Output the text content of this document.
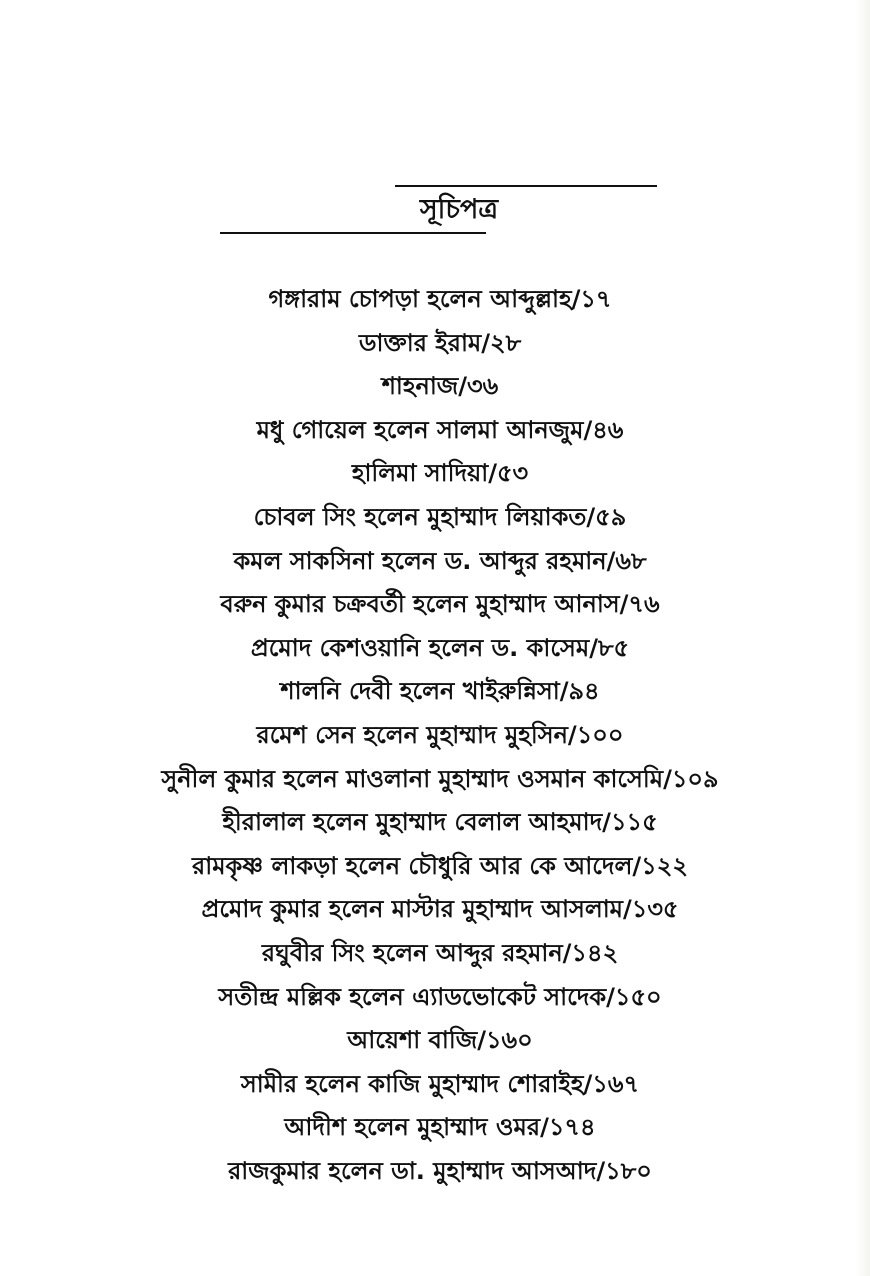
সূচিপত্র
গঙ্গারাম চোপড়া হলেন আব্দুল্লাহ/১৭
ডাক্তার ইরাম/২৮
শাহনাজ/৩৬
মধু গোয়েল হলেন সালমা আনজুম/৪৬
হালিমা সাদিয়া/৫৩
চোবল সিং হলেন মুহাম্মাদ লিয়াকত/৫৯
কমল সাকসিনা হলেন ড. আব্দুর রহমান/৬৮
বরুন কুমার চক্রবর্তী হলেন মুহাম্মাদ আনাস/৭৬
প্রমোদ কেশওয়ানি হলেন ড. কাসেম/৮৫
শালনি দেবী হলেন খাইরুন্নিসা/৯৪
রমেশ সেন হলেন মুহাম্মাদ মুহসিন/১০০
সুনীল কুমার হলেন মাওলানা মুহাম্মাদ ওসমান কাসেমি/১০৯
হীরালাল হলেন মুহাম্মাদ বেলাল আহমাদ/১১৫
রামকৃষ্ণ লাকড়া হলেন চৌধুরি আর কে আদেল/১২২
প্রমোদ কুমার হলেন মাস্টার মুহাম্মাদ আসলাম/১৩৫
রঘুবীর সিং হলেন আব্দুর রহমান/১৪২
সতীন্দ্র মল্লিক হলেন এ্যাডভোকেট সাদেক/১৫০
আয়েশা বাজি/১৬০
সামীর হলেন কাজি মুহাম্মাদ শোরাইহ/১৬৭
আদীশ হলেন মুহাম্মাদ ওমর/১৭৪
রাজকুমার হলেন ডা. মুহাম্মাদ আসআদ/১৮০
